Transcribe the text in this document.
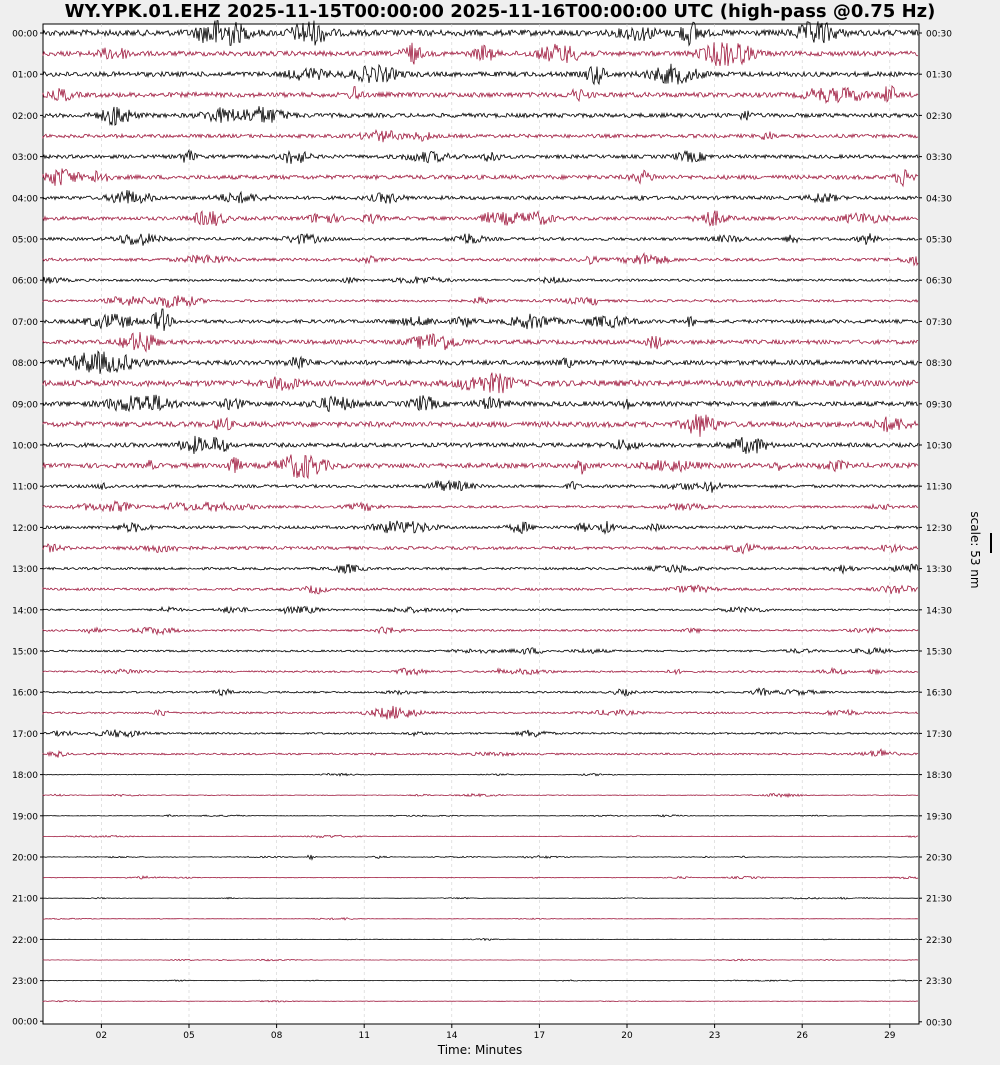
WY.YPK.01.EHZ 2025-11-15T00:00:00 2025-11-16T00:00:00 UTC (high-pass @0.75 Hz)
00:00
01:00
02:00
03:00
04:00
05:00
06:00
07:00
08:00
09:00
10:00
11:00
12:00
13:00
14:00
15:00
16:00
17:00
18:00
19:00
20:00
21:00
22:00
23:00
00:00
00:30
01:30
02:30
03:30
04:30
05:30
06:30
07:30
08:30
09:30
10:30
11:30
12:30
13:30
14:30
15:30
16:30
17:30
18:30
19:30
20:30
21:30
22:30
23:30
00:30
02	05	08	11	14	17	20	23	26	29
Time: Minutes
scale: 53 nm
